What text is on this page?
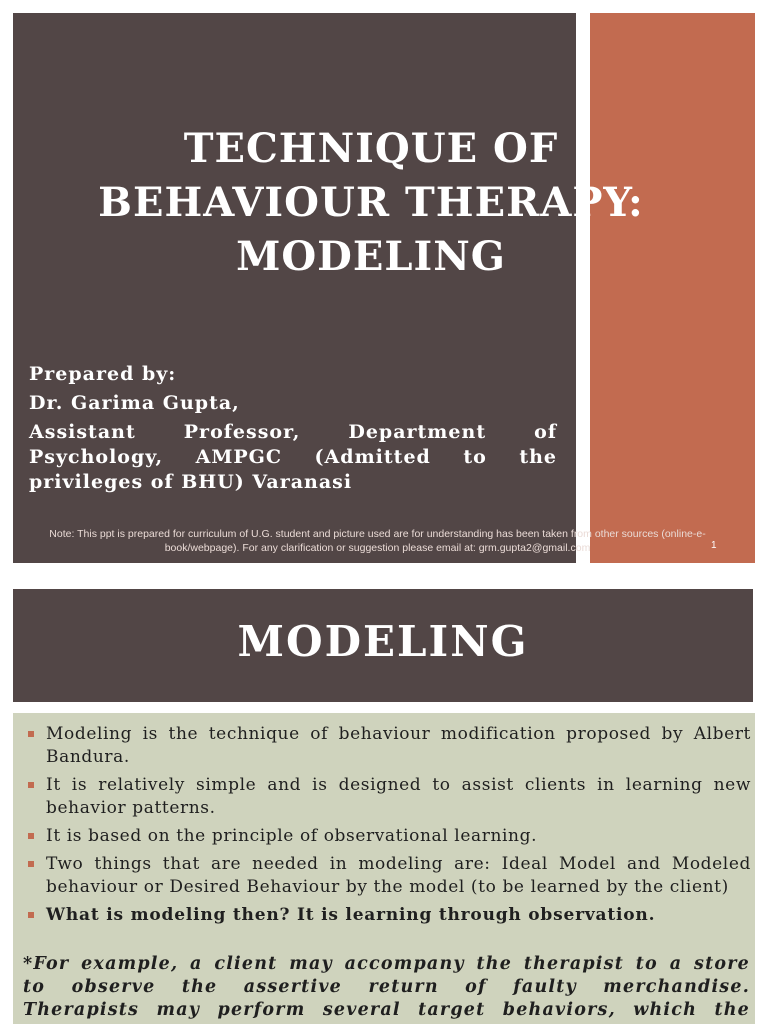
TECHNIQUE OF
BEHAVIOUR THERAPY:
MODELING
Prepared by:
Dr. Garima Gupta,
Assistant Professor, Department of Psychology, AMPGC (Admitted to the privileges of BHU) Varanasi
Note: This ppt is prepared for curriculum of U.G. student and picture used are for understanding has been taken from other sources (online-e-book/webpage). For any clarification or suggestion please email at: grm.gupta2@gmail.com	1
MODELING
Modeling is the technique of behaviour modification proposed by Albert Bandura.
It is relatively simple and is designed to assist clients in learning new behavior patterns.
It is based on the principle of observational learning.
Two things that are needed in modeling are: Ideal Model and Modeled behaviour or Desired Behaviour by the model (to be learned by the client)
What is modeling then? It is learning through observation.
*For example, a client may accompany the therapist to a store
to observe the assertive return of faulty merchandise.
Therapists may perform several target behaviors, which the
